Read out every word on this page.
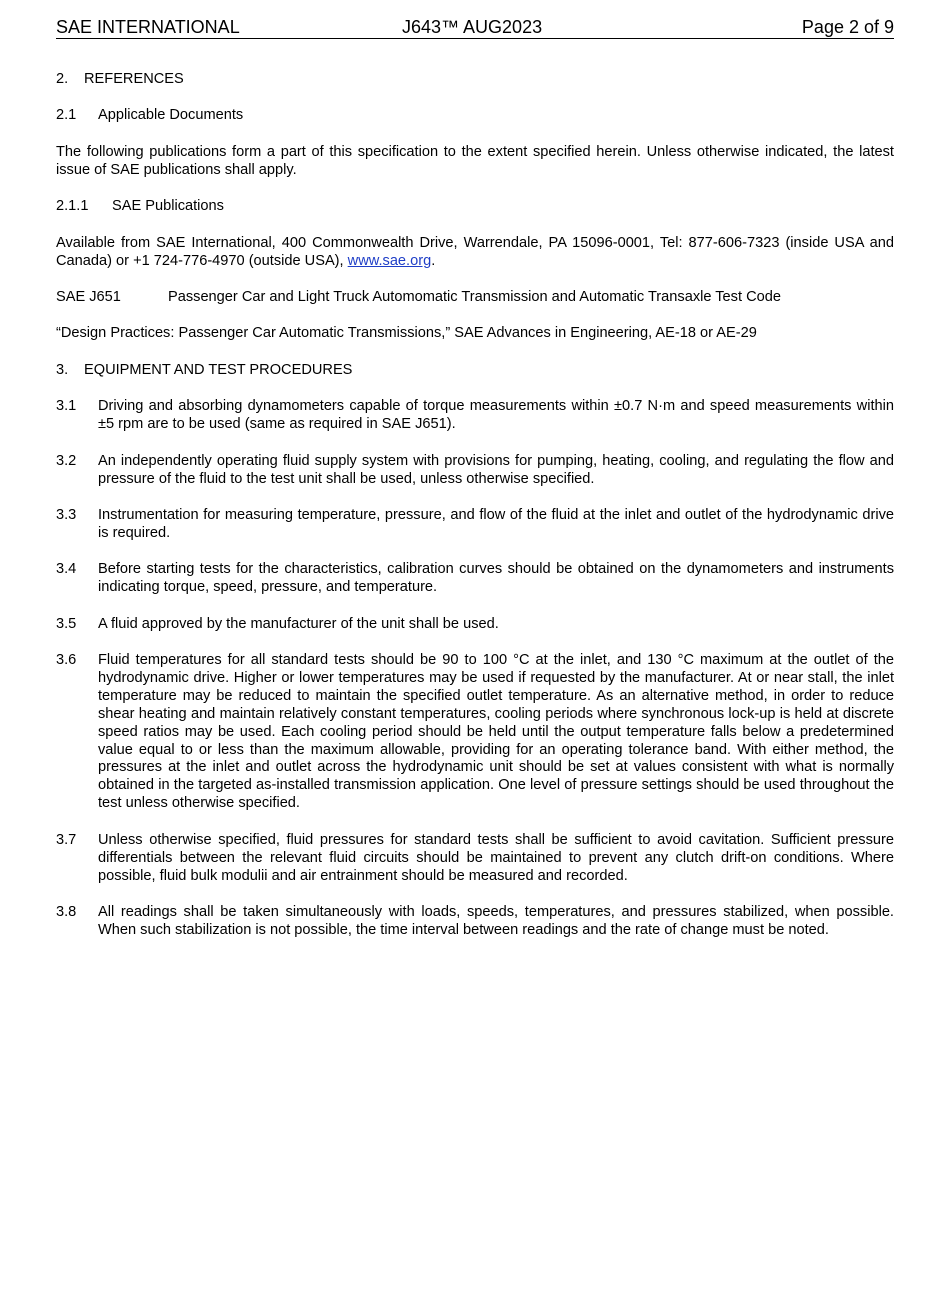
SAE INTERNATIONAL	J643™ AUG2023	Page 2 of 9
2. REFERENCES
2.1 Applicable Documents
The following publications form a part of this specification to the extent specified herein. Unless otherwise indicated, the latest issue of SAE publications shall apply.
2.1.1 SAE Publications
Available from SAE International, 400 Commonwealth Drive, Warrendale, PA 15096-0001, Tel: 877-606-7323 (inside USA and Canada) or +1 724-776-4970 (outside USA), www.sae.org.
SAE J651	Passenger Car and Light Truck Automomatic Transmission and Automatic Transaxle Test Code
“Design Practices: Passenger Car Automatic Transmissions,” SAE Advances in Engineering, AE-18 or AE-29
3. EQUIPMENT AND TEST PROCEDURES
3.1 Driving and absorbing dynamometers capable of torque measurements within ±0.7 N·m and speed measurements within ±5 rpm are to be used (same as required in SAE J651).
3.2 An independently operating fluid supply system with provisions for pumping, heating, cooling, and regulating the flow and pressure of the fluid to the test unit shall be used, unless otherwise specified.
3.3 Instrumentation for measuring temperature, pressure, and flow of the fluid at the inlet and outlet of the hydrodynamic drive is required.
3.4 Before starting tests for the characteristics, calibration curves should be obtained on the dynamometers and instruments indicating torque, speed, pressure, and temperature.
3.5 A fluid approved by the manufacturer of the unit shall be used.
3.6 Fluid temperatures for all standard tests should be 90 to 100 °C at the inlet, and 130 °C maximum at the outlet of the hydrodynamic drive. Higher or lower temperatures may be used if requested by the manufacturer. At or near stall, the inlet temperature may be reduced to maintain the specified outlet temperature. As an alternative method, in order to reduce shear heating and maintain relatively constant temperatures, cooling periods where synchronous lock-up is held at discrete speed ratios may be used. Each cooling period should be held until the output temperature falls below a predetermined value equal to or less than the maximum allowable, providing for an operating tolerance band. With either method, the pressures at the inlet and outlet across the hydrodynamic unit should be set at values consistent with what is normally obtained in the targeted as-installed transmission application. One level of pressure settings should be used throughout the test unless otherwise specified.
3.7 Unless otherwise specified, fluid pressures for standard tests shall be sufficient to avoid cavitation. Sufficient pressure differentials between the relevant fluid circuits should be maintained to prevent any clutch drift-on conditions. Where possible, fluid bulk modulii and air entrainment should be measured and recorded.
3.8 All readings shall be taken simultaneously with loads, speeds, temperatures, and pressures stabilized, when possible. When such stabilization is not possible, the time interval between readings and the rate of change must be noted.
